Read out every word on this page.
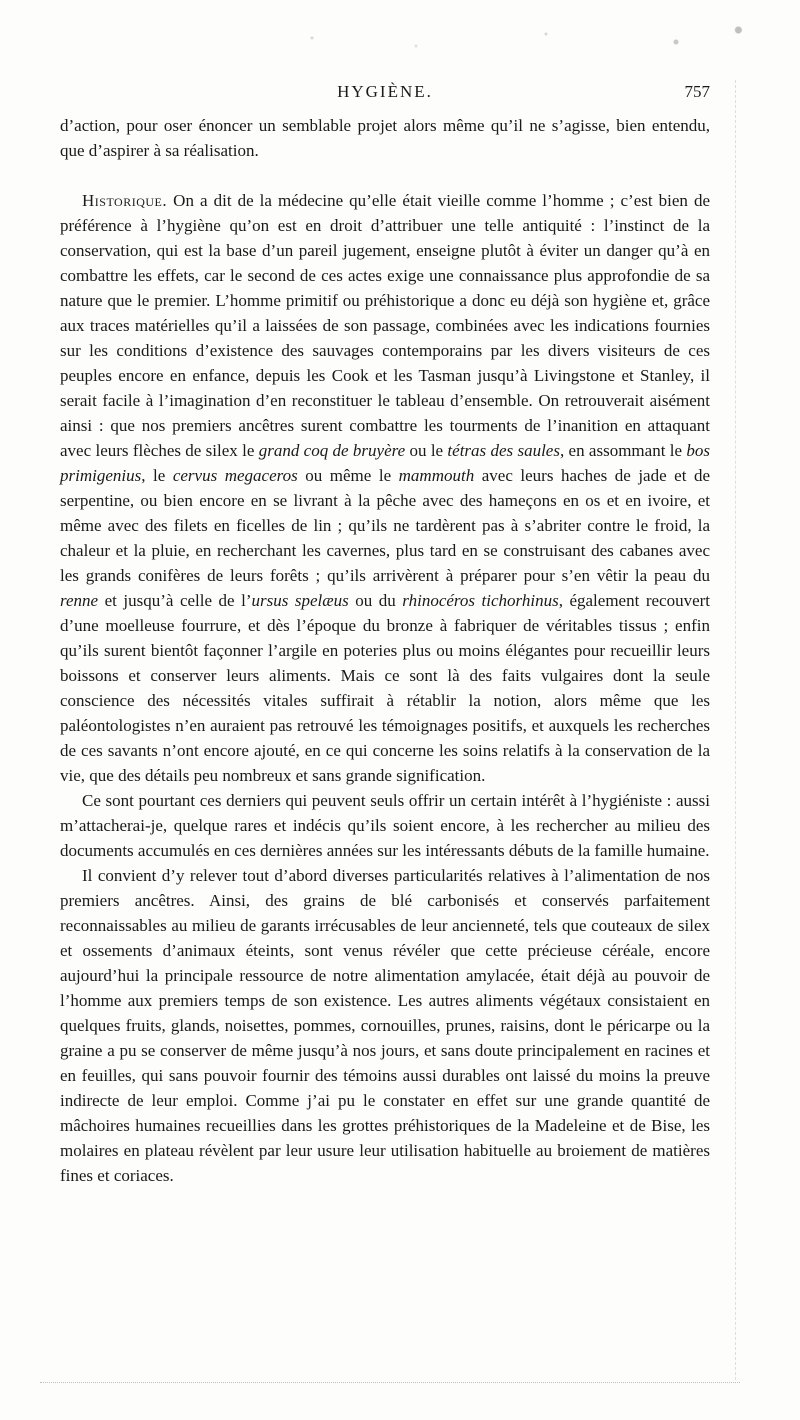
HYGIÈNE.	757

d’action, pour oser énoncer un semblable projet alors même qu’il ne s’agisse, bien entendu, que d’aspirer à sa réalisation.

Historique. On a dit de la médecine qu’elle était vieille comme l’homme ; c’est bien de préférence à l’hygiène qu’on est en droit d’attribuer une telle antiquité : l’instinct de la conservation, qui est la base d’un pareil jugement, enseigne plutôt à éviter un danger qu’à en combattre les effets, car le second de ces actes exige une connaissance plus approfondie de sa nature que le premier. L’homme primitif ou préhistorique a donc eu déjà son hygiène et, grâce aux traces matérielles qu’il a laissées de son passage, combinées avec les indications fournies sur les conditions d’existence des sauvages contemporains par les divers visiteurs de ces peuples encore en enfance, depuis les Cook et les Tasman jusqu’à Livingstone et Stanley, il serait facile à l’imagination d’en reconstituer le tableau d’ensemble. On retrouverait aisément ainsi : que nos premiers ancêtres surent combattre les tourments de l’inanition en attaquant avec leurs flèches de silex le grand coq de bruyère ou le tétras des saules, en assommant le bos primigenius, le cervus megaceros ou même le mammouth avec leurs haches de jade et de serpentine, ou bien encore en se livrant à la pêche avec des hameçons en os et en ivoire, et même avec des filets en ficelles de lin ; qu’ils ne tardèrent pas à s’abriter contre le froid, la chaleur et la pluie, en recherchant les cavernes, plus tard en se construisant des cabanes avec les grands conifères de leurs forêts ; qu’ils arrivèrent à préparer pour s’en vêtir la peau du renne et jusqu’à celle de l’ursus spelæus ou du rhinocéros tichorhinus, également recouvert d’une moelleuse fourrure, et dès l’époque du bronze à fabriquer de véritables tissus ; enfin qu’ils surent bientôt façonner l’argile en poteries plus ou moins élégantes pour recueillir leurs boissons et conserver leurs aliments. Mais ce sont là des faits vulgaires dont la seule conscience des nécessités vitales suffirait à rétablir la notion, alors même que les paléontologistes n’en auraient pas retrouvé les témoignages positifs, et auxquels les recherches de ces savants n’ont encore ajouté, en ce qui concerne les soins relatifs à la conservation de la vie, que des détails peu nombreux et sans grande signification.

Ce sont pourtant ces derniers qui peuvent seuls offrir un certain intérêt à l’hygiéniste : aussi m’attacherai-je, quelque rares et indécis qu’ils soient encore, à les rechercher au milieu des documents accumulés en ces dernières années sur les intéressants débuts de la famille humaine.

Il convient d’y relever tout d’abord diverses particularités relatives à l’alimentation de nos premiers ancêtres. Ainsi, des grains de blé carbonisés et conservés parfaitement reconnaissables au milieu de garants irrécusables de leur ancienneté, tels que couteaux de silex et ossements d’animaux éteints, sont venus révéler que cette précieuse céréale, encore aujourd’hui la principale ressource de notre alimentation amylacée, était déjà au pouvoir de l’homme aux premiers temps de son existence. Les autres aliments végétaux consistaient en quelques fruits, glands, noisettes, pommes, cornouilles, prunes, raisins, dont le péricarpe ou la graine a pu se conserver de même jusqu’à nos jours, et sans doute principalement en racines et en feuilles, qui sans pouvoir fournir des témoins aussi durables ont laissé du moins la preuve indirecte de leur emploi. Comme j’ai pu le constater en effet sur une grande quantité de mâchoires humaines recueillies dans les grottes préhistoriques de la Madeleine et de Bise, les molaires en plateau révèlent par leur usure leur utilisation habituelle au broiement de matières fines et coriaces.
